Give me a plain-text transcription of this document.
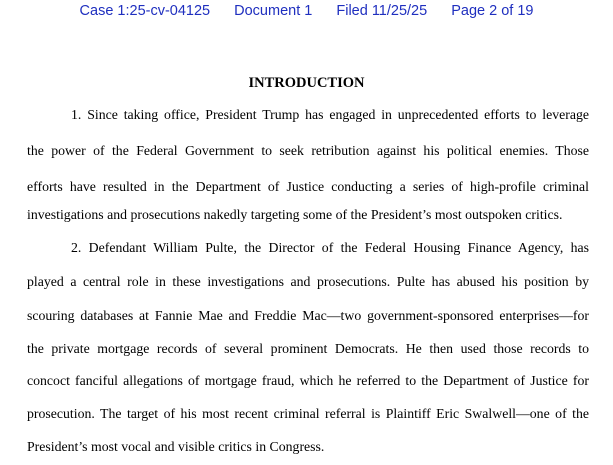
Case 1:25-cv-04125 Document 1 Filed 11/25/25 Page 2 of 19
INTRODUCTION
1. Since taking office, President Trump has engaged in unprecedented efforts to leverage
the power of the Federal Government to seek retribution against his political enemies. Those
efforts have resulted in the Department of Justice conducting a series of high-profile criminal
investigations and prosecutions nakedly targeting some of the President’s most outspoken critics.
2. Defendant William Pulte, the Director of the Federal Housing Finance Agency, has
played a central role in these investigations and prosecutions. Pulte has abused his position by
scouring databases at Fannie Mae and Freddie Mac—two government-sponsored enterprises—for
the private mortgage records of several prominent Democrats. He then used those records to
concoct fanciful allegations of mortgage fraud, which he referred to the Department of Justice for
prosecution. The target of his most recent criminal referral is Plaintiff Eric Swalwell—one of the
President’s most vocal and visible critics in Congress.
